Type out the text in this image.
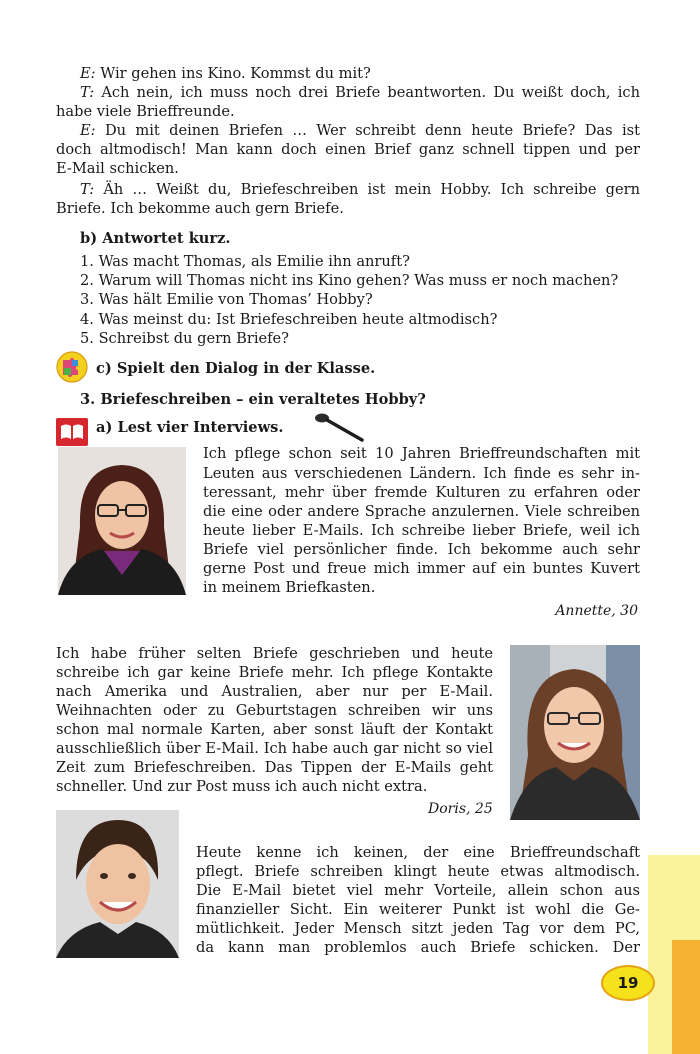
E: Wir gehen ins Kino. Kommst du mit?
T: Ach nein, ich muss noch drei Briefe beantworten. Du weißt doch, ich
habe viele Brieffreunde.
E: Du mit deinen Briefen … Wer schreibt denn heute Briefe? Das ist
doch altmodisch! Man kann doch einen Brief ganz schnell tippen und per
E-Mail schicken.
T: Äh … Weißt du, Briefeschreiben ist mein Hobby. Ich schreibe gern
Briefe. Ich bekomme auch gern Briefe.
b) Antwortet kurz.
1. Was macht Thomas, als Emilie ihn anruft?
2. Warum will Thomas nicht ins Kino gehen? Was muss er noch machen?
3. Was hält Emilie von Thomas’ Hobby?
4. Was meinst du: Ist Briefeschreiben heute altmodisch?
5. Schreibst du gern Briefe?
c) Spielt den Dialog in der Klasse.
3. Briefeschreiben – ein veraltetes Hobby?
a) Lest vier Interviews.
Ich pflege schon seit 10 Jahren Brieffreundschaften mit
Leuten aus verschiedenen Ländern. Ich finde es sehr in-
teressant, mehr über fremde Kulturen zu erfahren oder
die eine oder andere Sprache anzulernen. Viele schreiben
heute lieber E-Mails. Ich schreibe lieber Briefe, weil ich
Briefe viel persönlicher finde. Ich bekomme auch sehr
gerne Post und freue mich immer auf ein buntes Kuvert
in meinem Briefkasten.
Annette, 30
Ich habe früher selten Briefe geschrieben und heute
schreibe ich gar keine Briefe mehr. Ich pflege Kontakte
nach Amerika und Australien, aber nur per E-Mail.
Weihnachten oder zu Geburtstagen schreiben wir uns
schon mal normale Karten, aber sonst läuft der Kontakt
ausschließlich über E-Mail. Ich habe auch gar nicht so viel
Zeit zum Briefeschreiben. Das Tippen der E-Mails geht
schneller. Und zur Post muss ich auch nicht extra.
Doris, 25
Heute kenne ich keinen, der eine Brieffreundschaft
pflegt. Briefe schreiben klingt heute etwas altmodisch.
Die E-Mail bietet viel mehr Vorteile, allein schon aus
finanzieller Sicht. Ein weiterer Punkt ist wohl die Ge-
mütlichkeit. Jeder Mensch sitzt jeden Tag vor dem PC,
da kann man problemlos auch Briefe schicken. Der
19
